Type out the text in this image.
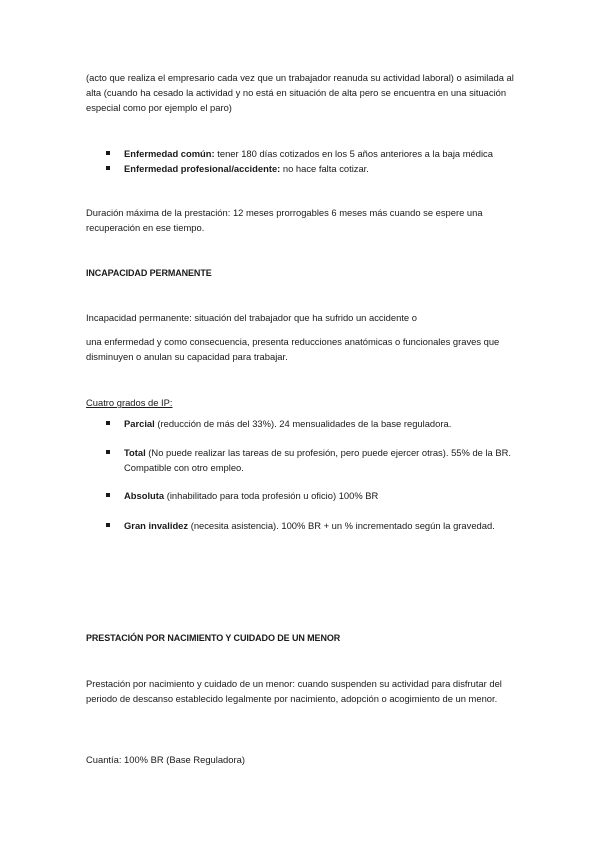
(acto que realiza el empresario cada vez que un trabajador reanuda su actividad laboral) o asimilada al alta (cuando ha cesado la actividad y no está en situación de alta pero se encuentra en una situación especial como por ejemplo el paro)

Enfermedad común: tener 180 días cotizados en los 5 años anteriores a la baja médica
Enfermedad profesional/accidente: no hace falta cotizar.

Duración máxima de la prestación: 12 meses prorrogables 6 meses más cuando se espere una recuperación en ese tiempo.

INCAPACIDAD PERMANENTE

Incapacidad permanente: situación del trabajador que ha sufrido un accidente o

una enfermedad y como consecuencia, presenta reducciones anatómicas o funcionales graves que disminuyen o anulan su capacidad para trabajar.

Cuatro grados de IP:

Parcial (reducción de más del 33%). 24 mensualidades de la base reguladora.
Total (No puede realizar las tareas de su profesión, pero puede ejercer otras). 55% de la BR. Compatible con otro empleo.
Absoluta (inhabilitado para toda profesión u oficio) 100% BR
Gran invalidez (necesita asistencia). 100% BR + un % incrementado según la gravedad.

PRESTACIÓN POR NACIMIENTO Y CUIDADO DE UN MENOR

Prestación por nacimiento y cuidado de un menor: cuando suspenden su actividad para disfrutar del periodo de descanso establecido legalmente por nacimiento, adopción o acogimiento de un menor.

Cuantía: 100% BR (Base Reguladora)
